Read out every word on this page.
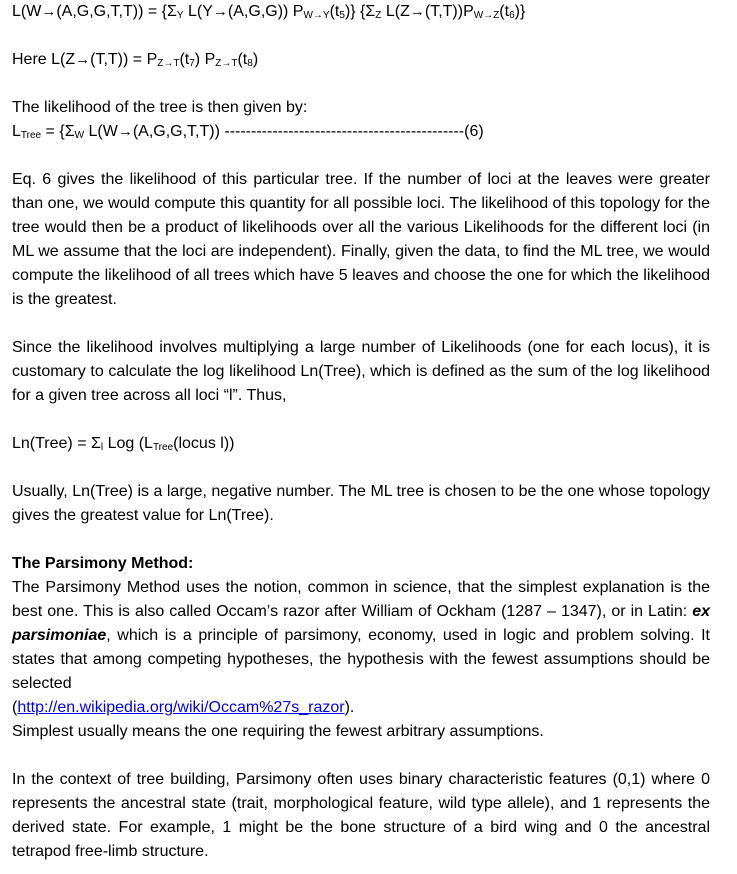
$L(W\to(A,G,G,T,T)) = \{\Sigma_Y$ L(Y→(A,G,G)) $P_{W\to Y}(t_5)$} {$\Sigma_Z$ $L(Z\to(T,T))P_{W\to Z}(t_6)$}
Here $L(Z\to(T,T)) = P_{Z\to T}(t_7)$ $P_{Z\to T}(t_8)$
The likelihood of the tree is then given by:
$L_{Tree} = \{\Sigma_W$ L(W→(A,G,G,T,T)) ---------------------------------------------(6)
Eq. 6 gives the likelihood of this particular tree. If the number of loci at the leaves were greater than one, we would compute this quantity for all possible loci. The likelihood of this topology for the tree would then be a product of likelihoods over all the various Likelihoods for the different loci (in ML we assume that the loci are independent). Finally, given the data, to find the ML tree, we would compute the likelihood of all trees which have 5 leaves and choose the one for which the likelihood is the greatest.
Since the likelihood involves multiplying a large number of Likelihoods (one for each locus), it is customary to calculate the log likelihood Ln(Tree), which is defined as the sum of the log likelihood for a given tree across all loci “l”. Thus,
Ln(Tree) = $\Sigma_l$ Log ($L_{Tree}(locus$ l))
Usually, Ln(Tree) is a large, negative number. The ML tree is chosen to be the one whose topology gives the greatest value for Ln(Tree).
The Parsimony Method:
The Parsimony Method uses the notion, common in science, that the simplest explanation is the best one. This is also called Occam’s razor after William of Ockham (1287 – 1347), or in Latin: ex parsimoniae, which is a principle of parsimony, economy, used in logic and problem solving. It states that among competing hypotheses, the hypothesis with the fewest assumptions should be selected
(http://en.wikipedia.org/wiki/Occam%27s_razor).
Simplest usually means the one requiring the fewest arbitrary assumptions.
In the context of tree building, Parsimony often uses binary characteristic features (0,1) where 0 represents the ancestral state (trait, morphological feature, wild type allele), and 1 represents the derived state. For example, 1 might be the bone structure of a bird wing and 0 the ancestral tetrapod free-limb structure.
